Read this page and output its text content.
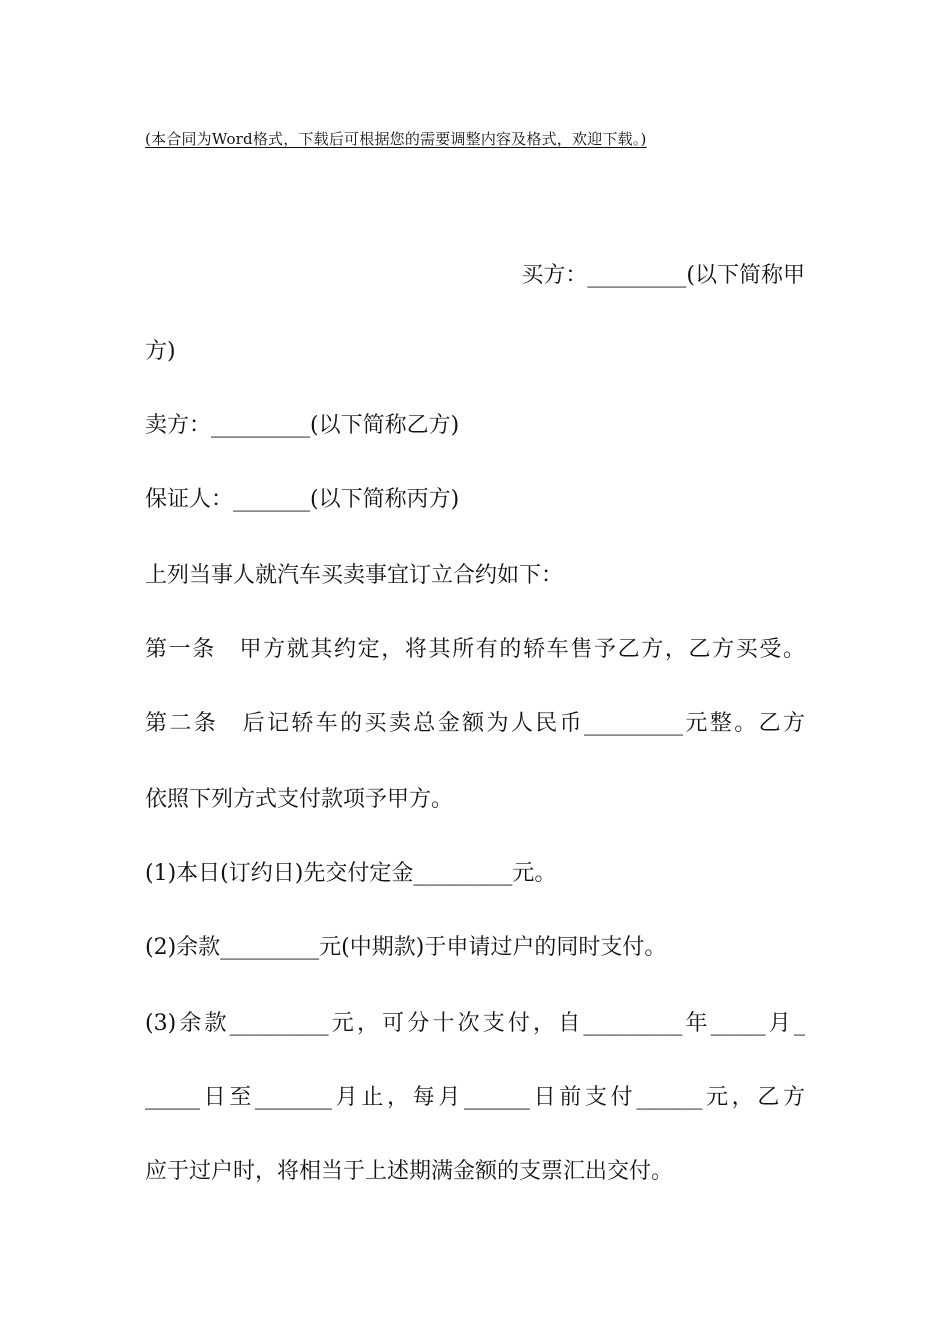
(本合同为Word格式，下载后可根据您的需要调整内容及格式，欢迎下载。)
买方：_________(以下简称甲
方)
卖方：_________(以下简称乙方)
保证人：_______(以下简称丙方)
上列当事人就汽车买卖事宜订立合约如下：
第一条　甲方就其约定，将其所有的轿车售予乙方，乙方买受。
第二条　后记轿车的买卖总金额为人民币_________元整。乙方
依照下列方式支付款项予甲方。
(1)本日(订约日)先交付定金_________元。
(2)余款_________元(中期款)于申请过户的同时支付。
(3)余款_________元，可分十次支付，自_________年_____月_
_____日至_______月止，每月______日前支付______元，乙方
应于过户时，将相当于上述期满金额的支票汇出交付。
